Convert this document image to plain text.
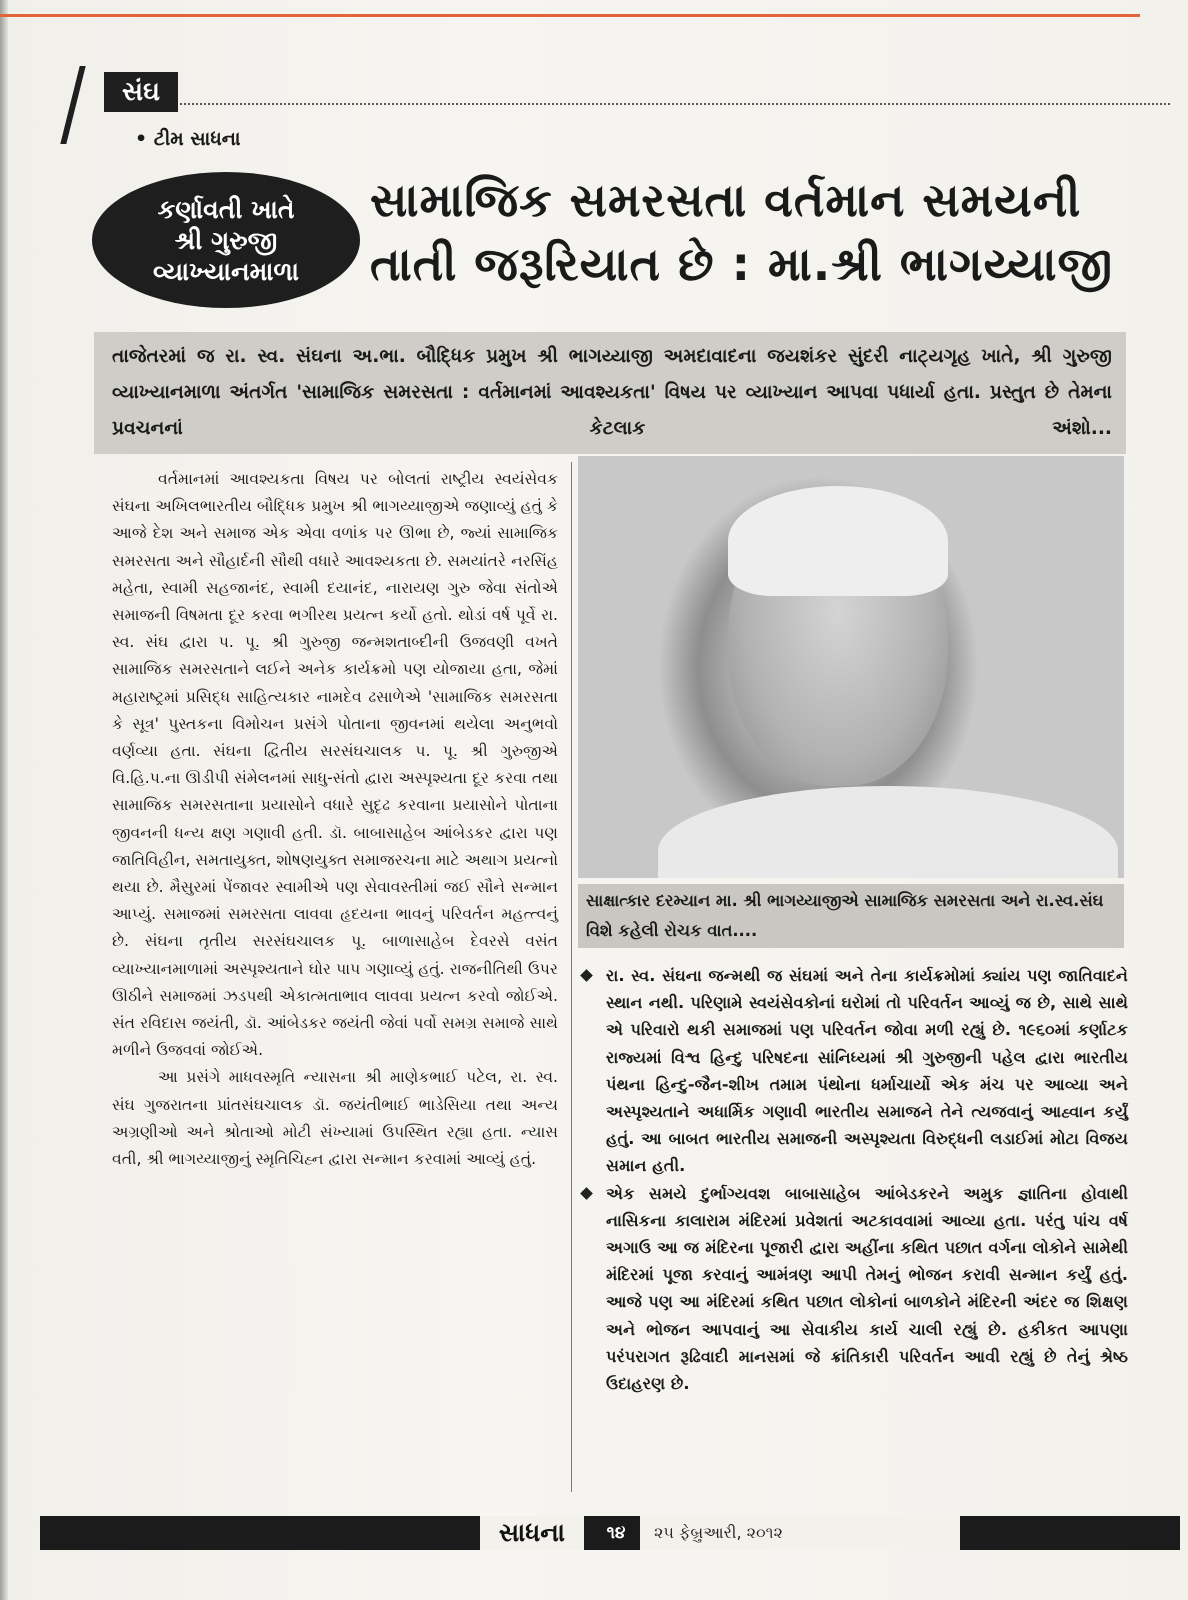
સંઘ
• ટીમ સાધના
કર્ણાવતી ખાતે
શ્રી ગુરુજી
વ્યાખ્યાનમાળા
સામાજિક સમરસતા વર્તમાન સમયની
તાતી જરૂરિયાત છે : મા.શ્રી ભાગય્યાજી
તાજેતરમાં જ રા. સ્વ. સંઘના અ.ભા. બૌદ્ધિક પ્રમુખ શ્રી ભાગય્યાજી અમદાવાદના જયશંકર સુંદરી નાટ્યગૃહ ખાતે, શ્રી ગુરુજી વ્યાખ્યાનમાળા અંતર્ગત 'સામાજિક સમરસતા : વર્તમાનમાં આવશ્યકતા' વિષય પર વ્યાખ્યાન આપવા પધાર્યા હતા. પ્રસ્તુત છે તેમના પ્રવચનનાં કેટલાક અંશો...

વર્તમાનમાં આવશ્યકતા વિષય પર બોલતાં રાષ્ટ્રીય સ્વયંસેવક સંઘના અખિલભારતીય બૌદ્ધિક પ્રમુખ શ્રી ભાગય્યાજીએ જણાવ્યું હતું કે આજે દેશ અને સમાજ એક એવા વળાંક પર ઊભા છે, જ્યાં સામાજિક સમરસતા અને સૌહાર્દની સૌથી વધારે આવશ્યકતા છે. સમયાંતરે નરસિંહ મહેતા, સ્વામી સહજાનંદ, સ્વામી દયાનંદ, નારાયણ ગુરુ જેવા સંતોએ સમાજની વિષમતા દૂર કરવા ભગીરથ પ્રયત્ન કર્યો હતો. થોડાં વર્ષ પૂર્વે રા. સ્વ. સંઘ દ્વારા પ. પૂ. શ્રી ગુરુજી જન્મશતાબ્દીની ઉજવણી વખતે સામાજિક સમરસતાને લઈને અનેક કાર્યક્રમો પણ યોજાયા હતા, જેમાં મહારાષ્ટ્રમાં પ્રસિદ્ધ સાહિત્યકાર નામદેવ ઢસાળેએ 'સામાજિક સમરસતા કે સૂત્ર' પુસ્તકના વિમોચન પ્રસંગે પોતાના જીવનમાં થયેલા અનુભવો વર્ણવ્યા હતા. સંઘના દ્વિતીય સરસંઘચાલક પ. પૂ. શ્રી ગુરુજીએ વિ.હિ.પ.ના ઊડીપી સંમેલનમાં સાધુ-સંતો દ્વારા અસ્પૃશ્યતા દૂર કરવા તથા સામાજિક સમરસતાના પ્રયાસોને વધારે સુદૃઢ કરવાના પ્રયાસોને પોતાના જીવનની ધન્ય ક્ષણ ગણાવી હતી. ડૉ. બાબાસાહેબ આંબેડકર દ્વારા પણ જાતિવિહીન, સમતાયુક્ત, શોષણયુક્ત સમાજરચના માટે અથાગ પ્રયત્નો થયા છે. મૈસુરમાં પેંજાવર સ્વામીએ પણ સેવાવસ્તીમાં જઈ સૌને સન્માન આપ્યું. સમાજમાં સમરસતા લાવવા હૃદયના ભાવનું પરિવર્તન મહત્ત્વનું છે. સંઘના તૃતીય સરસંઘચાલક પૂ. બાળાસાહેબ દેવરસે વસંત વ્યાખ્યાનમાળામાં અસ્પૃશ્યતાને ઘોર પાપ ગણાવ્યું હતું. રાજનીતિથી ઉપર ઊઠીને સમાજમાં ઝડપથી એકાત્મતાભાવ લાવવા પ્રયત્ન કરવો જોઈએ. સંત રવિદાસ જયંતી, ડૉ. આંબેડકર જયંતી જેવાં પર્વો સમગ્ર સમાજે સાથે મળીને ઉજવવાં જોઈએ.

આ પ્રસંગે માધવસ્મૃતિ ન્યાસના શ્રી માણેકભાઈ પટેલ, રા. સ્વ. સંઘ ગુજરાતના પ્રાંતસંઘચાલક ડૉ. જયંતીભાઈ ભાડેસિયા તથા અન્ય અગ્રણીઓ અને શ્રોતાઓ મોટી સંખ્યામાં ઉપસ્થિત રહ્યા હતા. ન્યાસ વતી, શ્રી ભાગય્યાજીનું સ્મૃતિચિહ્ન દ્વારા સન્માન કરવામાં આવ્યું હતું.

સાક્ષાત્કાર દરમ્યાન મા. શ્રી ભાગય્યાજીએ સામાજિક સમરસતા અને રા.સ્વ.સંઘ વિશે કહેલી રોચક વાત....
રા. સ્વ. સંઘના જન્મથી જ સંઘમાં અને તેના કાર્યક્રમોમાં ક્યાંય પણ જાતિવાદને સ્થાન નથી. પરિણામે સ્વયંસેવકોનાં ઘરોમાં તો પરિવર્તન આવ્યું જ છે, સાથે સાથે એ પરિવારો થકી સમાજમાં પણ પરિવર્તન જોવા મળી રહ્યું છે. ૧૯૬૦માં કર્ણાટક રાજ્યમાં વિશ્વ હિન્દુ પરિષદના સાંનિધ્યમાં શ્રી ગુરુજીની પહેલ દ્વારા ભારતીય પંથના હિન્દુ-જૈન-શીખ તમામ પંથોના ધર્માચાર્યો એક મંચ પર આવ્યા અને અસ્પૃશ્યતાને અધાર્મિક ગણાવી ભારતીય સમાજને તેને ત્યજવાનું આહ્વાન કર્યું હતું. આ બાબત ભારતીય સમાજની અસ્પૃશ્યતા વિરુદ્ધની લડાઈમાં મોટા વિજય સમાન હતી.
એક સમયે દુર્ભાગ્યવશ બાબાસાહેબ આંબેડકરને અમુક જ્ઞાતિના હોવાથી નાસિકના કાલારામ મંદિરમાં પ્રવેશતાં અટકાવવામાં આવ્યા હતા. પરંતુ પાંચ વર્ષ અગાઉ આ જ મંદિરના પૂજારી દ્વારા અહીંના કથિત પછાત વર્ગના લોકોને સામેથી મંદિરમાં પૂજા કરવાનું આમંત્રણ આપી તેમનું ભોજન કરાવી સન્માન કર્યું હતું. આજે પણ આ મંદિરમાં કથિત પછાત લોકોનાં બાળકોને મંદિરની અંદર જ શિક્ષણ અને ભોજન આપવાનું આ સેવાકીય કાર્ય ચાલી રહ્યું છે. હકીકત આપણા પરંપરાગત રૂઢિવાદી માનસમાં જે ક્રાંતિકારી પરિવર્તન આવી રહ્યું છે તેનું શ્રેષ્ઠ ઉદાહરણ છે.
સાધના	૧૪	૨૫ ફેબ્રુઆરી, ૨૦૧૨
